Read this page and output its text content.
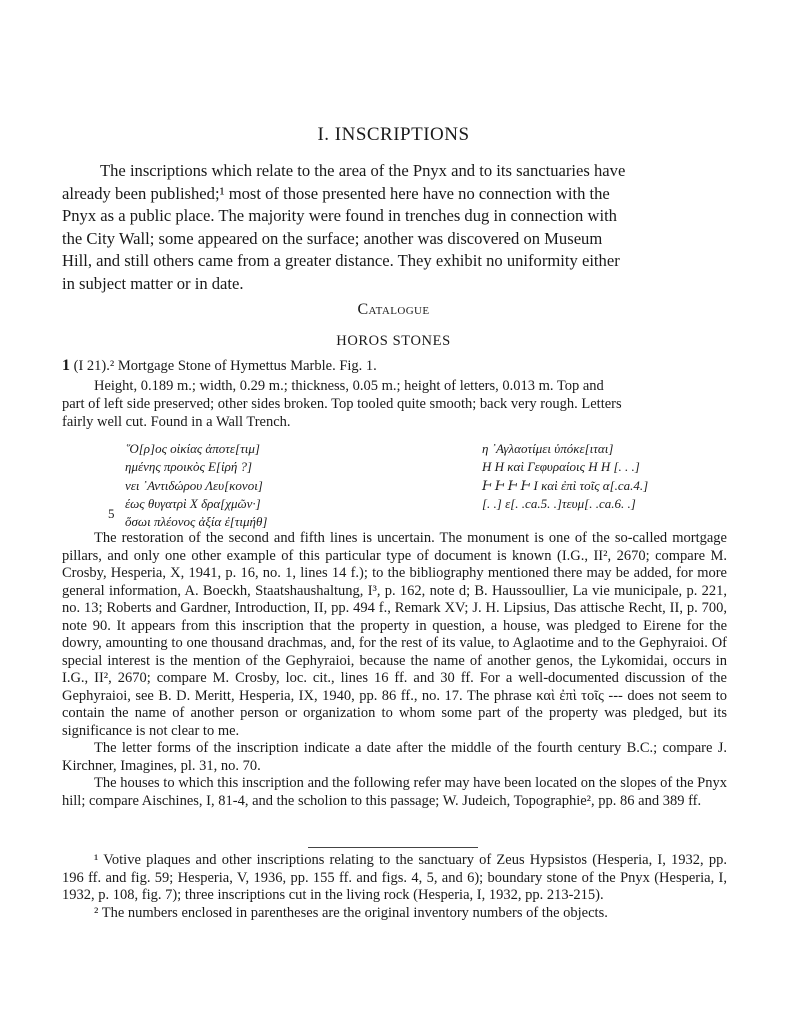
I. INSCRIPTIONS
The inscriptions which relate to the area of the Pnyx and to its sanctuaries have
already been published;¹ most of those presented here have no connection with the
Pnyx as a public place. The majority were found in trenches dug in connection with
the City Wall; some appeared on the surface; another was discovered on Museum
Hill, and still others came from a greater distance. They exhibit no uniformity either
in subject matter or in date.
Catalogue
HOROS STONES
1 (I 21).² Mortgage Stone of Hymettus Marble. Fig. 1.
Height, 0.189 m.; width, 0.29 m.; thickness, 0.05 m.; height of letters, 0.013 m. Top and
part of left side preserved; other sides broken. Top tooled quite smooth; back very rough. Letters
fairly well cut. Found in a Wall Trench.
῞Ο[ρ]ος οἰκίας ἀποτε[τιμ]
ημένης προικὸς Ε[ἰρή ?]
νει ᾿Αντιδώρου Λευ[κονοι]
έως θυγατρὶ Χ δρα[χμῶν·]
ὅσωι πλέονος ἀξία ἐ[τιμήθ]
5
η ᾿Αγλαοτίμει ὑπόκε[ιται]
Η Η καὶ Γεφυραίοις Η Η [. . .]
Ͱ Ͱ Ͱ Ͱ Ι καὶ ἐπὶ τοῖς α[.ca.4.]
[. .] ε[. .ca.5. .]τευμ[. .ca.6. .]

The restoration of the second and fifth lines is uncertain. The monument is one of the so-called mortgage pillars, and only one other example of this particular type of document is known (I.G., II², 2670; compare M. Crosby, Hesperia, X, 1941, p. 16, no. 1, lines 14 f.); to the bibliography mentioned there may be added, for more general information, A. Boeckh, Staatshaushaltung, I³, p. 162, note d; B. Haussoullier, La vie municipale, p. 221, no. 13; Roberts and Gardner, Introduction, II, pp. 494 f., Remark XV; J. H. Lipsius, Das attische Recht, II, p. 700, note 90. It appears from this inscription that the property in question, a house, was pledged to Eirene for the dowry, amounting to one thousand drachmas, and, for the rest of its value, to Aglaotime and to the Gephyraioi. Of special interest is the mention of the Gephyraioi, because the name of another genos, the Lykomidai, occurs in I.G., II², 2670; compare M. Crosby, loc. cit., lines 16 ff. and 30 ff. For a well-documented discussion of the Gephyraioi, see B. D. Meritt, Hesperia, IX, 1940, pp. 86 ff., no. 17. The phrase καὶ ἐπὶ τοῖς --- does not seem to contain the name of another person or organization to whom some part of the property was pledged, but its significance is not clear to me.

The letter forms of the inscription indicate a date after the middle of the fourth century B.C.; compare J. Kirchner, Imagines, pl. 31, no. 70.

The houses to which this inscription and the following refer may have been located on the slopes of the Pnyx hill; compare Aischines, I, 81-4, and the scholion to this passage; W. Judeich, Topographie², pp. 86 and 389 ff.

¹ Votive plaques and other inscriptions relating to the sanctuary of Zeus Hypsistos (Hesperia, I, 1932, pp. 196 ff. and fig. 59; Hesperia, V, 1936, pp. 155 ff. and figs. 4, 5, and 6); boundary stone of the Pnyx (Hesperia, I, 1932, p. 108, fig. 7); three inscriptions cut in the living rock (Hesperia, I, 1932, pp. 213-215).

² The numbers enclosed in parentheses are the original inventory numbers of the objects.
